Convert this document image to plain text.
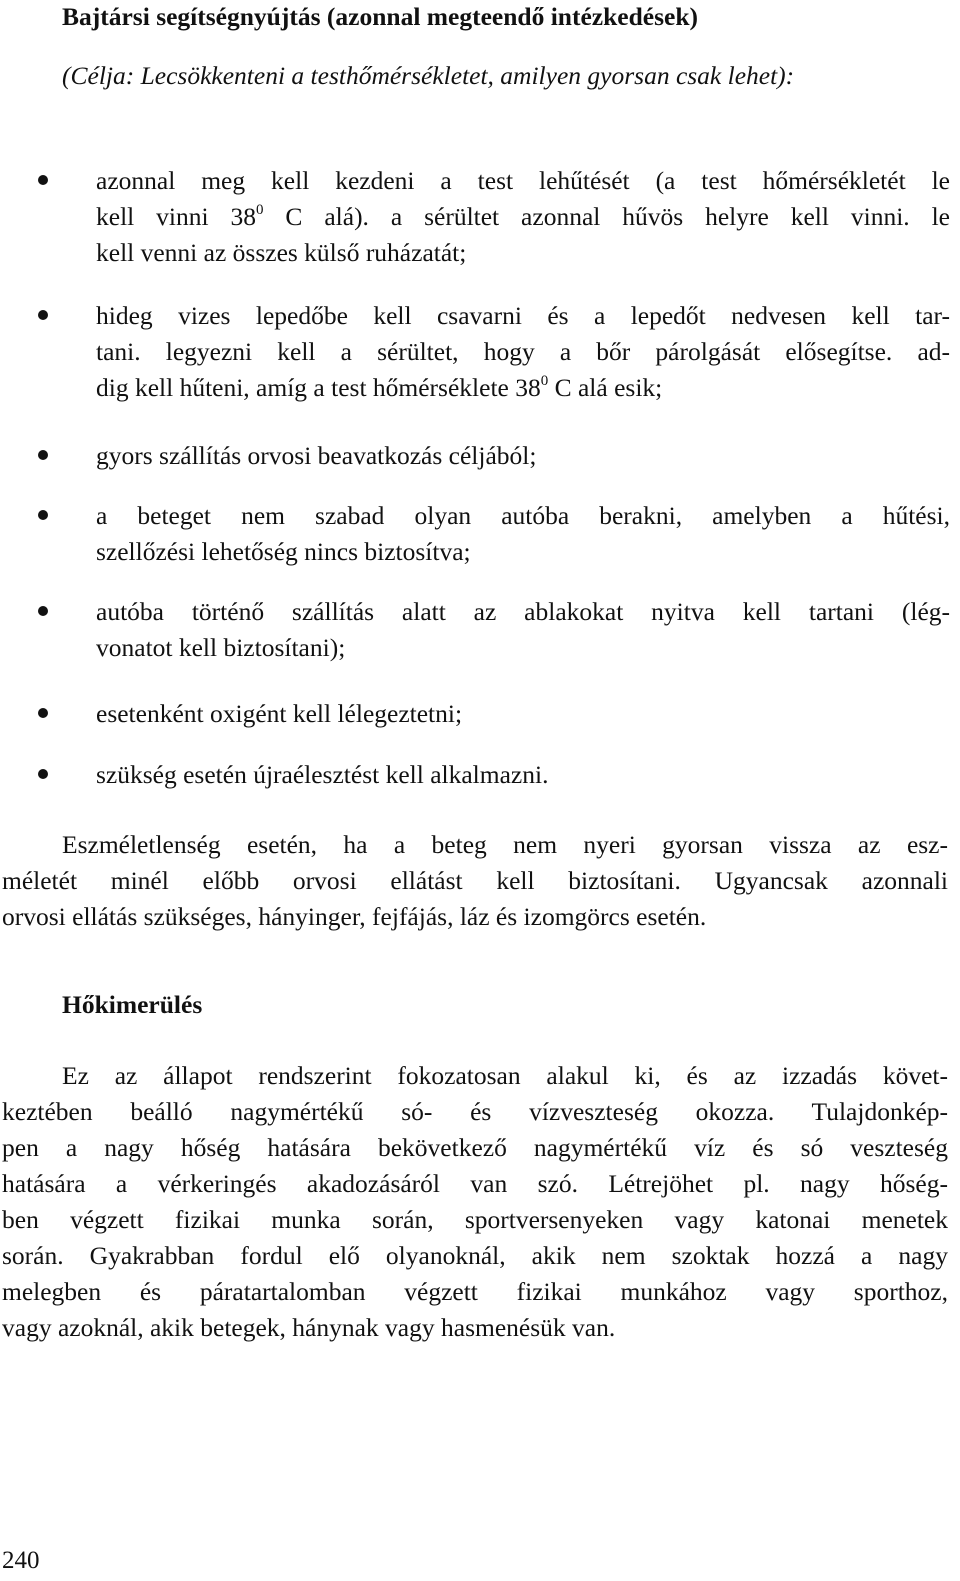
Bajtársi segítségnyújtás (azonnal megteendő intézkedések)

(Célja: Lecsökkenteni a testhőmérsékletet, amilyen gyorsan csak lehet):

azonnal meg kell kezdeni a test lehűtését (a test hőmérsékletét le
kell vinni $38^0$ C alá). a sérültet azonnal hűvös helyre kell vinni. le
kell venni az összes külső ruházatát;
hideg vizes lepedőbe kell csavarni és a lepedőt nedvesen kell tar-
tani. legyezni kell a sérültet, hogy a bőr párolgását elősegítse. ad-
dig kell hűteni, amíg a test hőmérséklete $38^0$ C alá esik;
gyors szállítás orvosi beavatkozás céljából;
a beteget nem szabad olyan autóba berakni, amelyben a hűtési,
szellőzési lehetőség nincs biztosítva;
autóba történő szállítás alatt az ablakokat nyitva kell tartani (lég-
vonatot kell biztosítani);
esetenként oxigént kell lélegeztetni;
szükség esetén újraélesztést kell alkalmazni.
Eszméletlenség esetén, ha a beteg nem nyeri gyorsan vissza az esz-
méletét minél előbb orvosi ellátást kell biztosítani. Ugyancsak azonnali
orvosi ellátás szükséges, hányinger, fejfájás, láz és izomgörcs esetén.
Hőkimerülés
Ez az állapot rendszerint fokozatosan alakul ki, és az izzadás követ-
keztében beálló nagymértékű só- és vízveszteség okozza. Tulajdonkép-
pen a nagy hőség hatására bekövetkező nagymértékű víz és só veszteség
hatására a vérkeringés akadozásáról van szó. Létrejöhet pl. nagy hőség-
ben végzett fizikai munka során, sportversenyeken vagy katonai menetek
során. Gyakrabban fordul elő olyanoknál, akik nem szoktak hozzá a nagy
melegben és páratartalomban végzett fizikai munkához vagy sporthoz,
vagy azoknál, akik betegek, hánynak vagy hasmenésük van.

240
